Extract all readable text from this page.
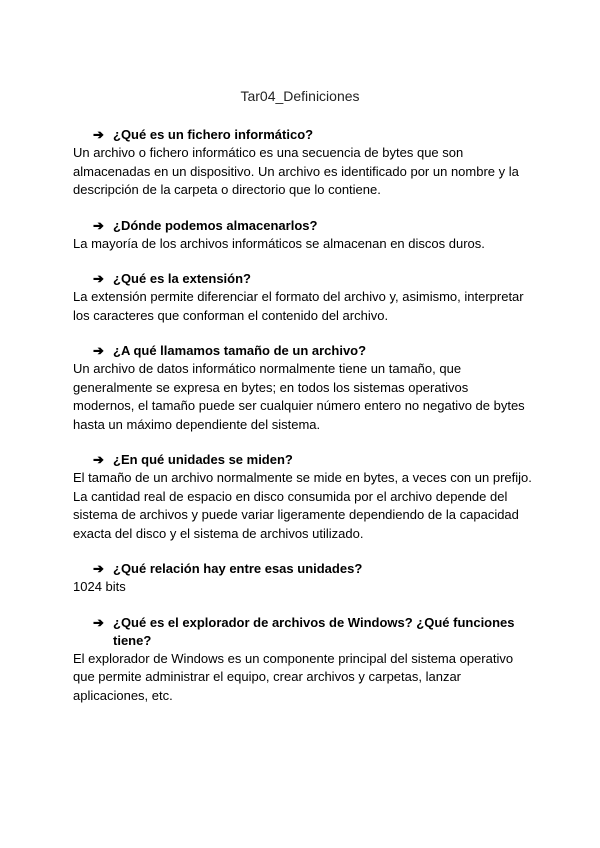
Tar04_Definiciones
➔ ¿Qué es un fichero informático?

Un archivo o fichero informático es una secuencia de bytes que son almacenadas en un dispositivo. Un archivo es identificado por un nombre y la descripción de la carpeta o directorio que lo contiene.

➔ ¿Dónde podemos almacenarlos?

La mayoría de los archivos informáticos se almacenan en discos duros.

➔ ¿Qué es la extensión?

La extensión permite diferenciar el formato del archivo y, asimismo, interpretar los caracteres que conforman el contenido del archivo.

➔ ¿A qué llamamos tamaño de un archivo?

Un archivo de datos informático normalmente tiene un tamaño, que generalmente se expresa en bytes; en todos los sistemas operativos modernos, el tamaño puede ser cualquier número entero no negativo de bytes hasta un máximo dependiente del sistema.

➔ ¿En qué unidades se miden?

El tamaño de un archivo normalmente se mide en bytes, a veces con un prefijo. La cantidad real de espacio en disco consumida por el archivo depende del sistema de archivos y puede variar ligeramente dependiendo de la capacidad exacta del disco y el sistema de archivos utilizado.

➔ ¿Qué relación hay entre esas unidades?

1024 bits

➔ ¿Qué es el explorador de archivos de Windows? ¿Qué funciones tiene?

El explorador de Windows es un componente principal del sistema operativo que permite administrar el equipo, crear archivos y carpetas, lanzar aplicaciones, etc.
